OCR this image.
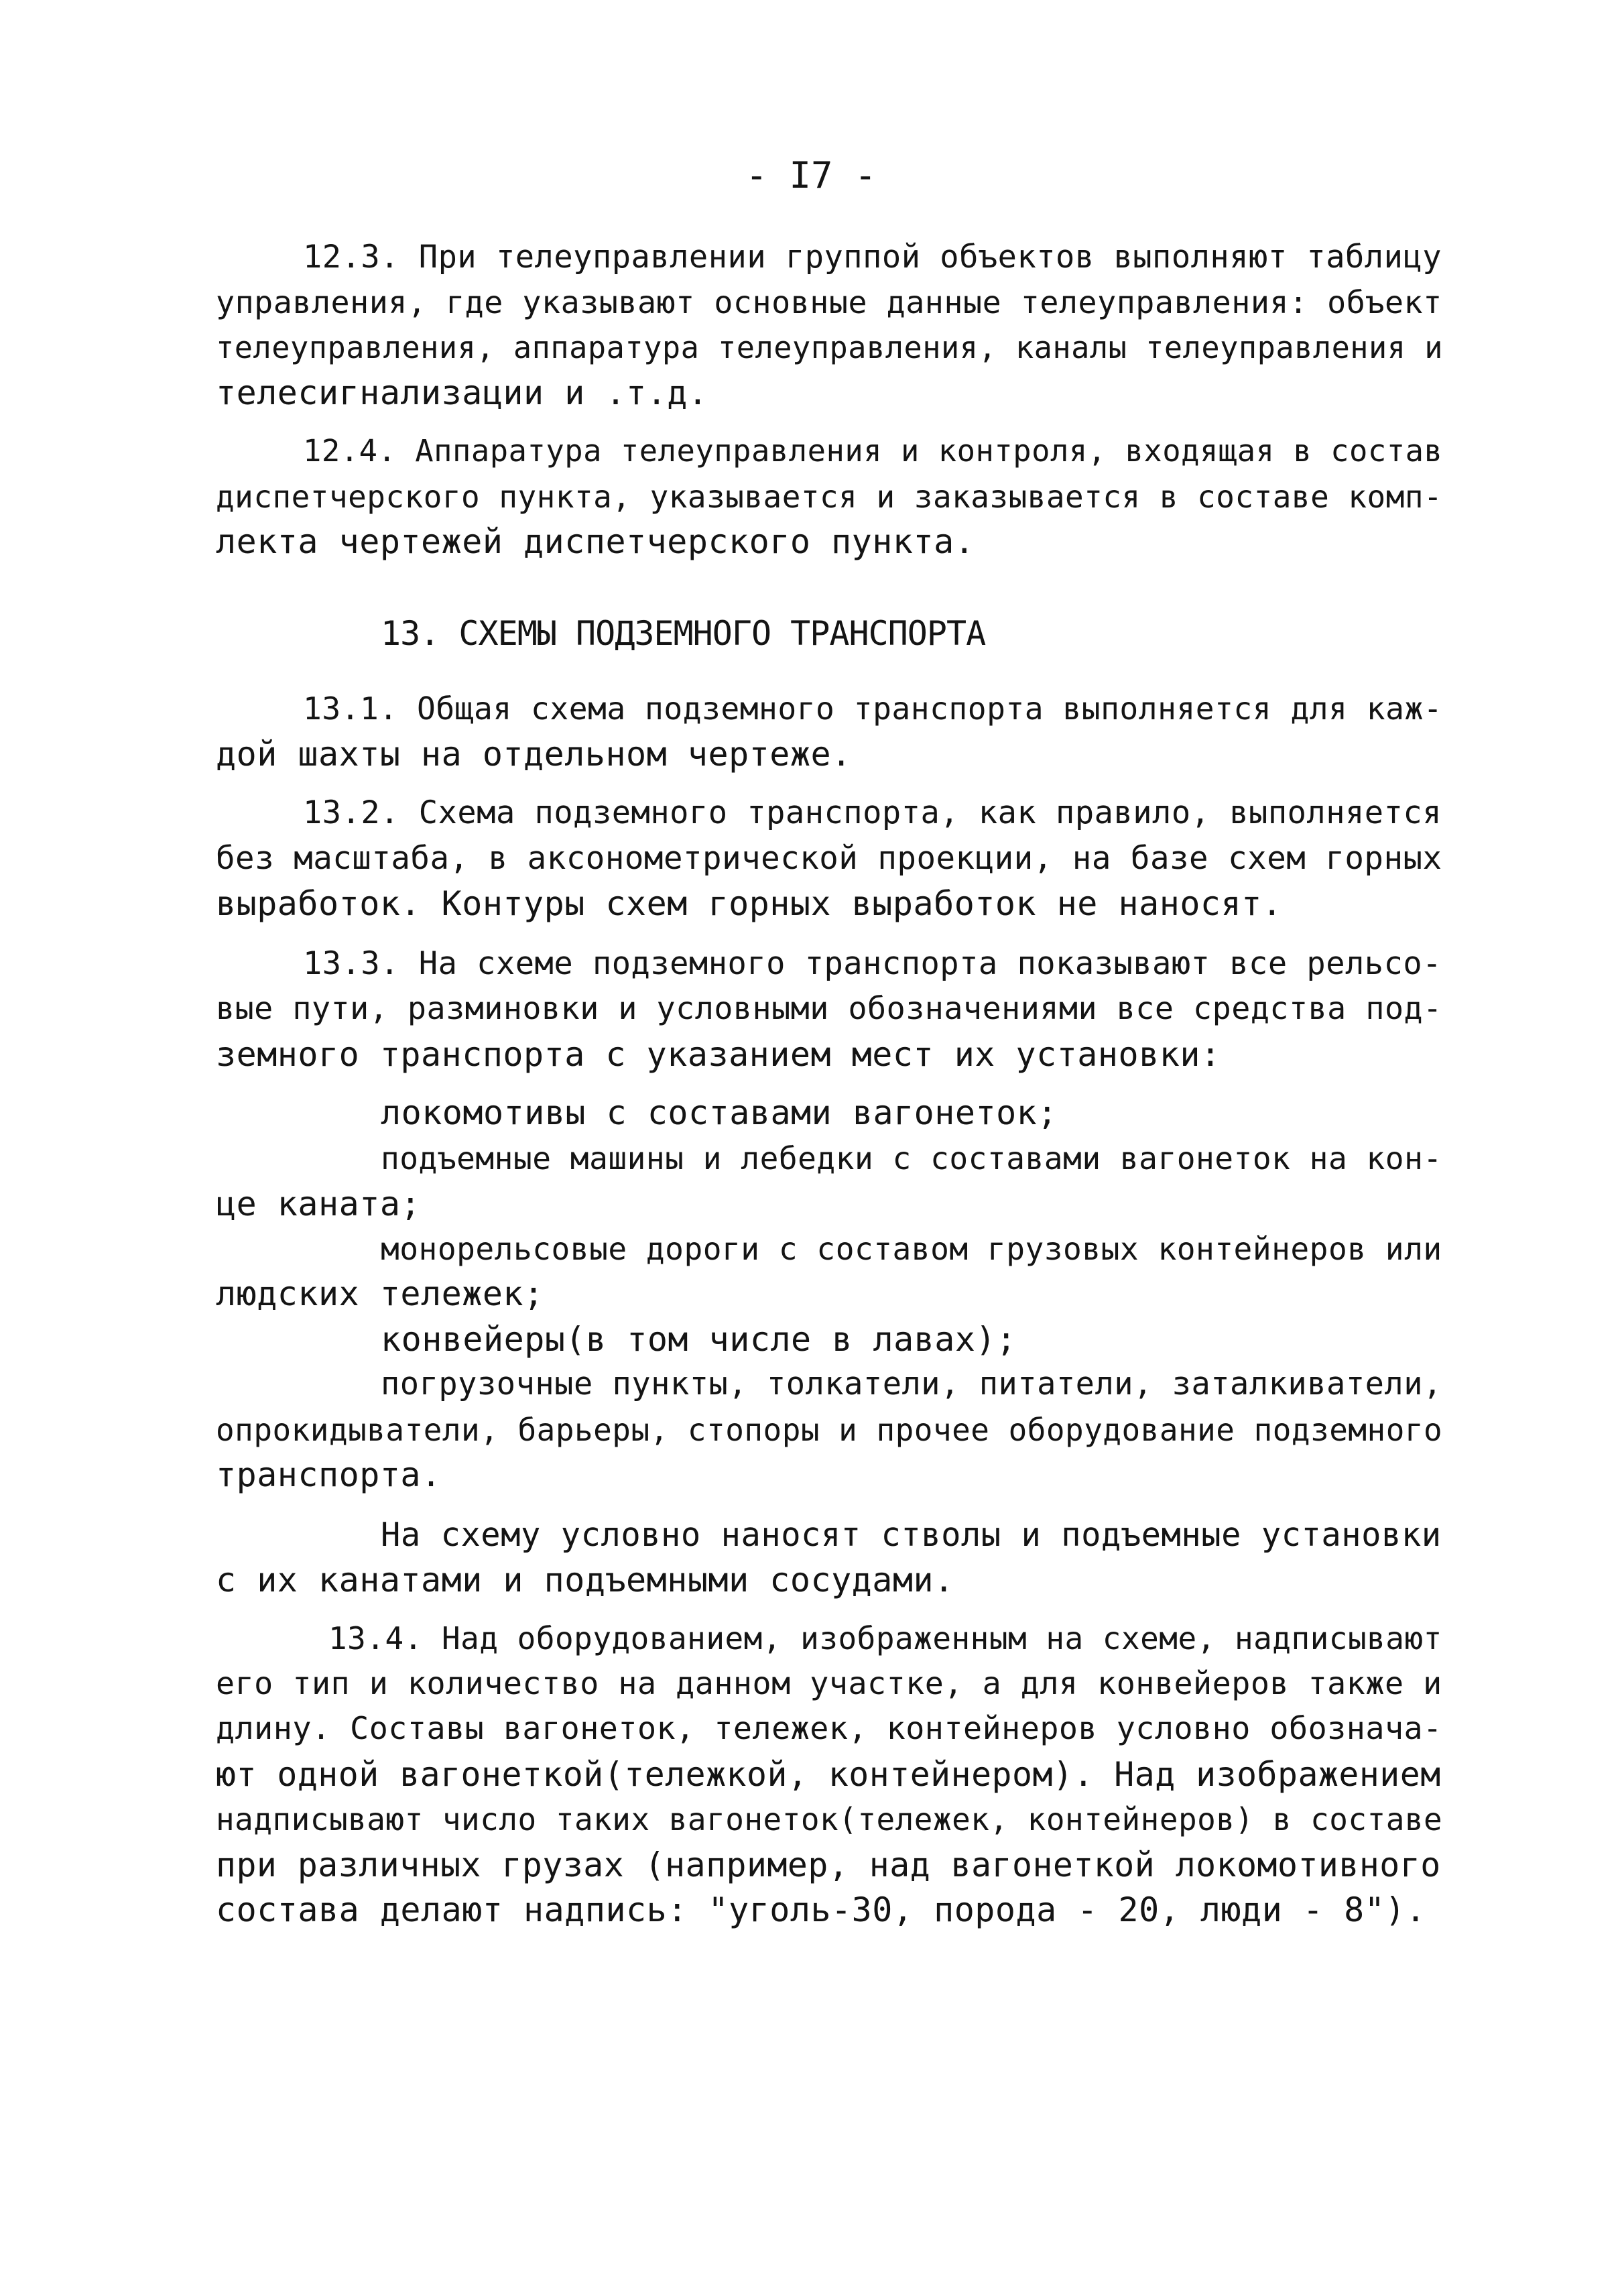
- I7 -
12.3. При телеуправлении группой объектов выполняют таблицу
управления, где указывают основные данные телеуправления: объект
телеуправления, аппаратура телеуправления, каналы телеуправления и
телесигнализации и .т.д.
12.4. Аппаратура телеуправления и контроля, входящая в состав
диспетчерского пункта, указывается и заказывается в составе комп-
лекта чертежей диспетчерского пункта.
13. СХЕМЫ ПОДЗЕМНОГО ТРАНСПОРТА
13.1. Общая схема подземного транспорта выполняется для каж-
дой шахты на отдельном чертеже.
13.2. Схема подземного транспорта, как правило, выполняется
без масштаба, в аксонометрической проекции, на базе схем горных
выработок. Контуры схем горных выработок не наносят.
13.3. На схеме подземного транспорта показывают все рельсо-
вые пути, разминовки и условными обозначениями все средства под-
земного транспорта с указанием мест их установки:
локомотивы с составами вагонеток;
подъемные машины и лебедки с составами вагонеток на кон-
це каната;
монорельсовые дороги с составом грузовых контейнеров или
людских тележек;
конвейеры(в том числе в лавах);
погрузочные пункты, толкатели, питатели, заталкиватели,
опрокидыватели, барьеры, стопоры и прочее оборудование подземного
транспорта.
На схему условно наносят стволы и подъемные установки
с их канатами и подъемными сосудами.
13.4. Над оборудованием, изображенным на схеме, надписывают
его тип и количество на данном участке, а для конвейеров также и
длину. Составы вагонеток, тележек, контейнеров условно обознача-
ют одной вагонеткой(тележкой, контейнером). Над изображением
надписывают число таких вагонеток(тележек, контейнеров) в составе
при различных грузах (например, над вагонеткой локомотивного
состава делают надпись: "уголь-30, порода - 20, люди - 8").
